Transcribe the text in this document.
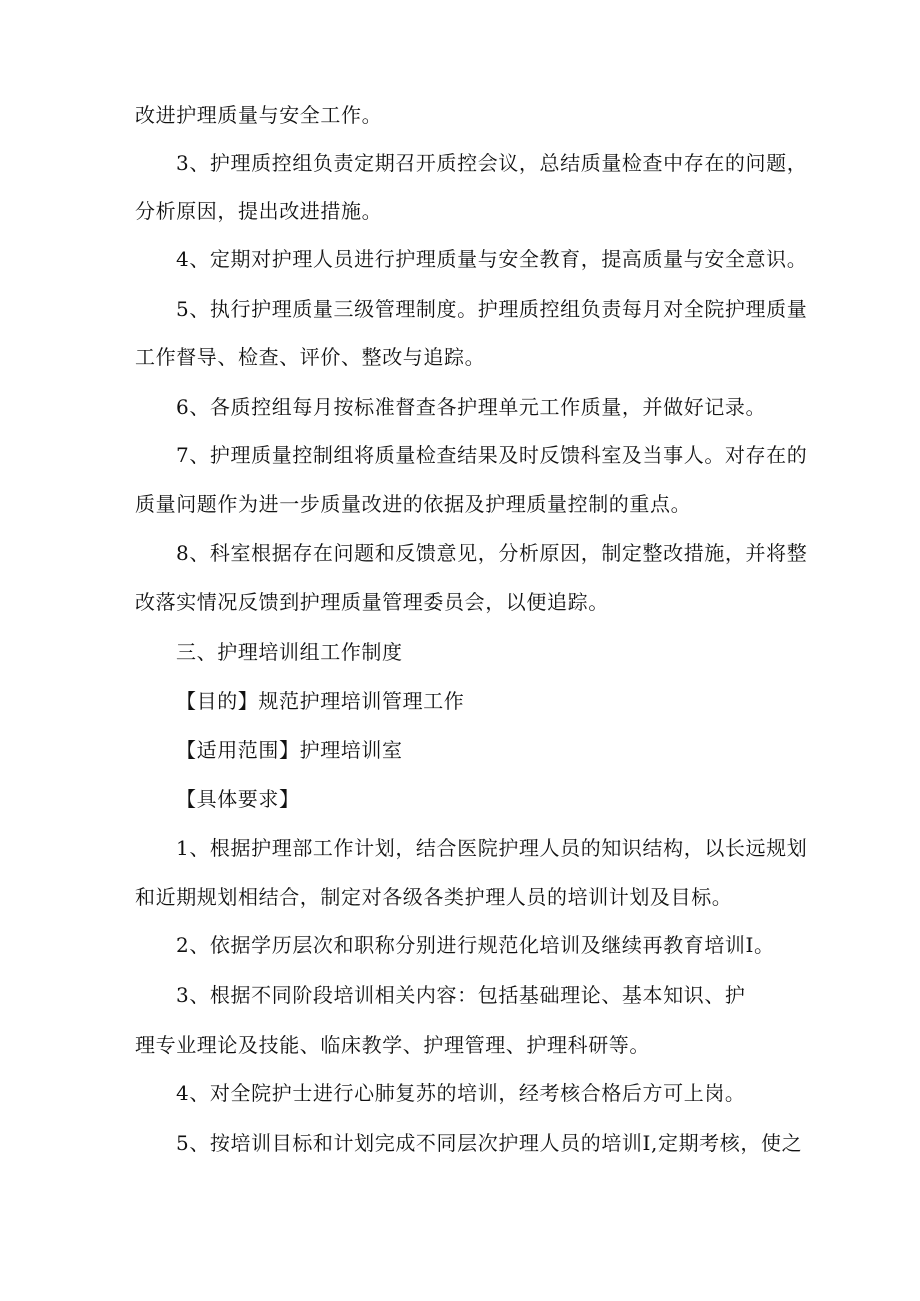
改进护理质量与安全工作。
3、护理质控组负责定期召开质控会议，总结质量检查中存在的问题，
分析原因，提出改进措施。
4、定期对护理人员进行护理质量与安全教育，提高质量与安全意识。
5、执行护理质量三级管理制度。护理质控组负责每月对全院护理质量
工作督导、检查、评价、整改与追踪。
6、各质控组每月按标准督查各护理单元工作质量，并做好记录。
7、护理质量控制组将质量检查结果及时反馈科室及当事人。对存在的
质量问题作为进一步质量改进的依据及护理质量控制的重点。
8、科室根据存在问题和反馈意见，分析原因，制定整改措施，并将整
改落实情况反馈到护理质量管理委员会，以便追踪。
三、护理培训组工作制度
【目的】规范护理培训管理工作
【适用范围】护理培训室
【具体要求】
1、根据护理部工作计划，结合医院护理人员的知识结构，以长远规划
和近期规划相结合，制定对各级各类护理人员的培训计划及目标。
2、依据学历层次和职称分别进行规范化培训及继续再教育培训I。
3、根据不同阶段培训相关内容：包括基础理论、基本知识、护
理专业理论及技能、临床教学、护理管理、护理科研等。
4、对全院护士进行心肺复苏的培训，经考核合格后方可上岗。
5、按培训目标和计划完成不同层次护理人员的培训I,定期考核，使之
